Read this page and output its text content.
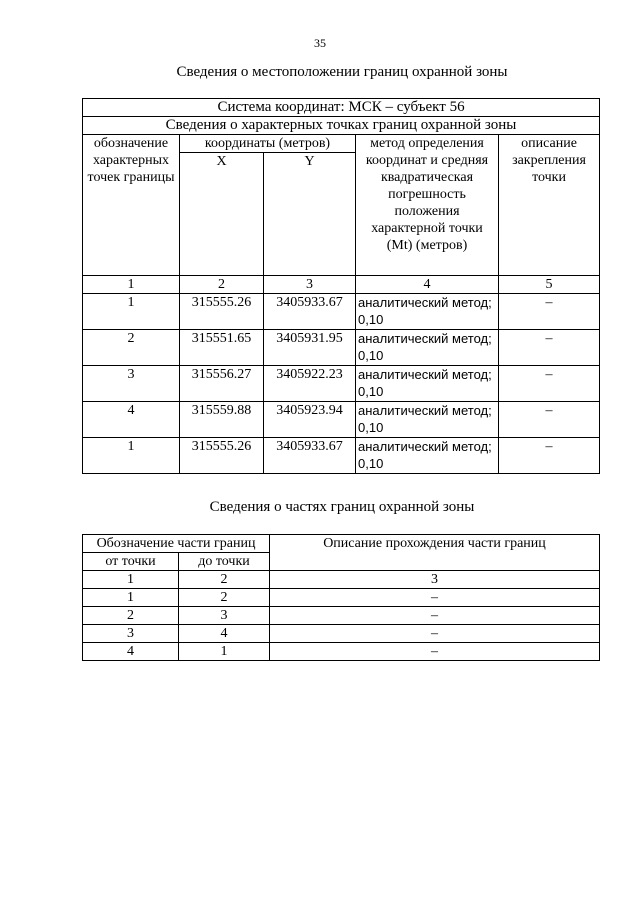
35
Сведения о местоположении границ охранной зоны
Система координат: МСК – субъект 56				
Сведения о характерных точках границ охранной зоны				
обозначение характерных точек границы	координаты (метров)		метод определения координат и средняя квадратическая погрешность положения характерной точки (Mt) (метров)	описание закрепления точки
	X	Y		
1	2	3	4	5
1	315555.26	3405933.67	аналитический метод; 0,10	–
2	315551.65	3405931.95	аналитический метод; 0,10	–
3	315556.27	3405922.23	аналитический метод; 0,10	–
4	315559.88	3405923.94	аналитический метод; 0,10	–
1	315555.26	3405933.67	аналитический метод; 0,10	–
Сведения о частях границ охранной зоны
Обозначение части границ		Описание прохождения части границ
от точки	до точки	
1	2	3
1	2	–
2	3	–
3	4	–
4	1	–
